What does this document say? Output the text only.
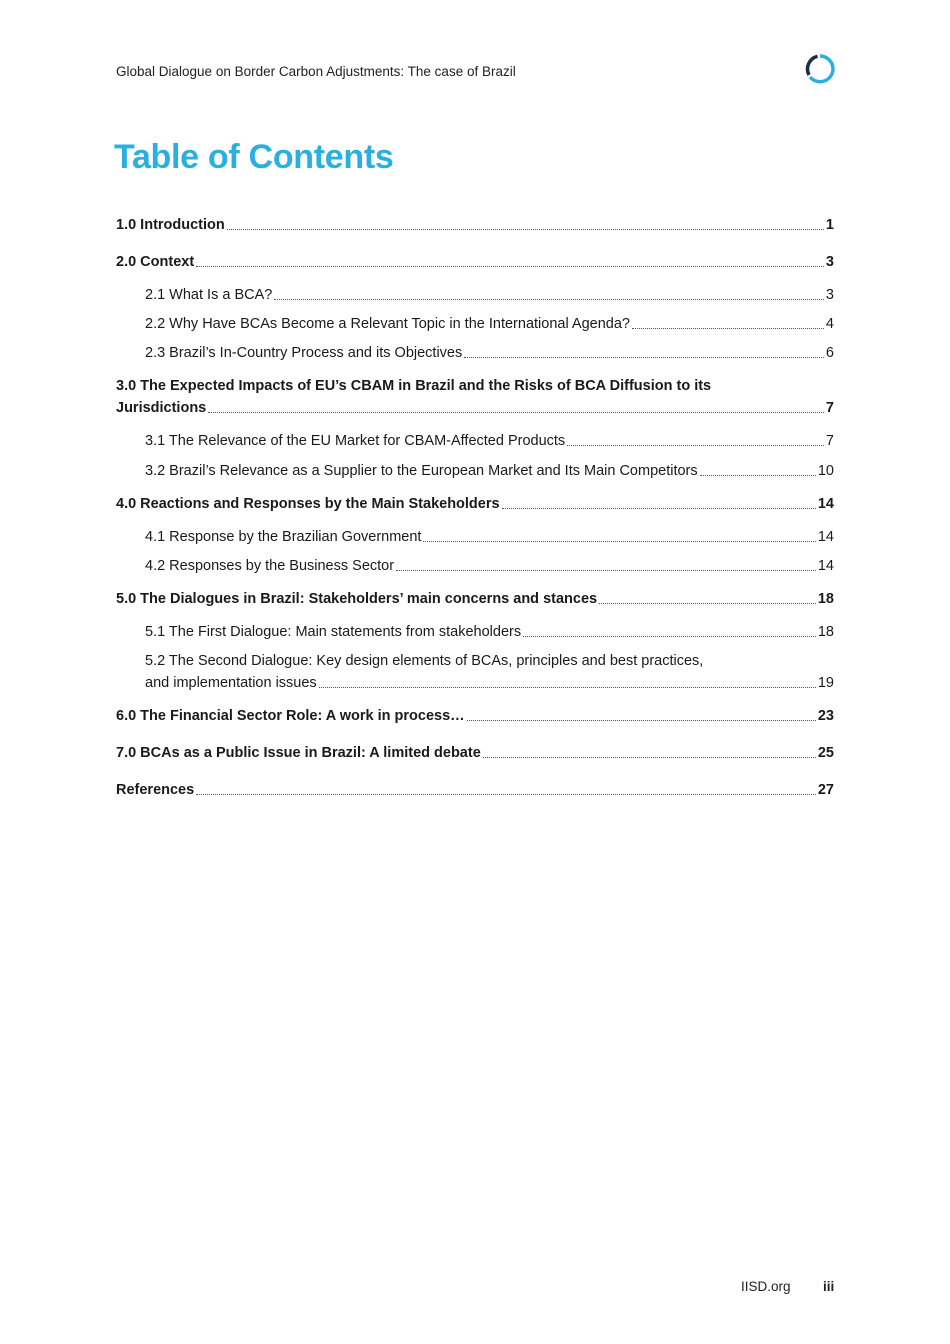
Global Dialogue on Border Carbon Adjustments: The case of Brazil
Table of Contents
1.0 Introduction	1
2.0 Context	3
2.1 What Is a BCA?	3
2.2 Why Have BCAs Become a Relevant Topic in the International Agenda?	4
2.3 Brazil’s In-Country Process and its Objectives	6
3.0 The Expected Impacts of EU’s CBAM in Brazil and the Risks of BCA Diffusion to its
Jurisdictions	7
3.1 The Relevance of the EU Market for CBAM-Affected Products	7
3.2 Brazil’s Relevance as a Supplier to the European Market and Its Main Competitors	10
4.0 Reactions and Responses by the Main Stakeholders	14
4.1 Response by the Brazilian Government	14
4.2 Responses by the Business Sector	14
5.0 The Dialogues in Brazil: Stakeholders’ main concerns and stances	18
5.1 The First Dialogue: Main statements from stakeholders	18
5.2 The Second Dialogue: Key design elements of BCAs, principles and best practices,
and implementation issues	19
6.0 The Financial Sector Role: A work in process…	23
7.0 BCAs as a Public Issue in Brazil: A limited debate	25
References	27
IISD.org iii
